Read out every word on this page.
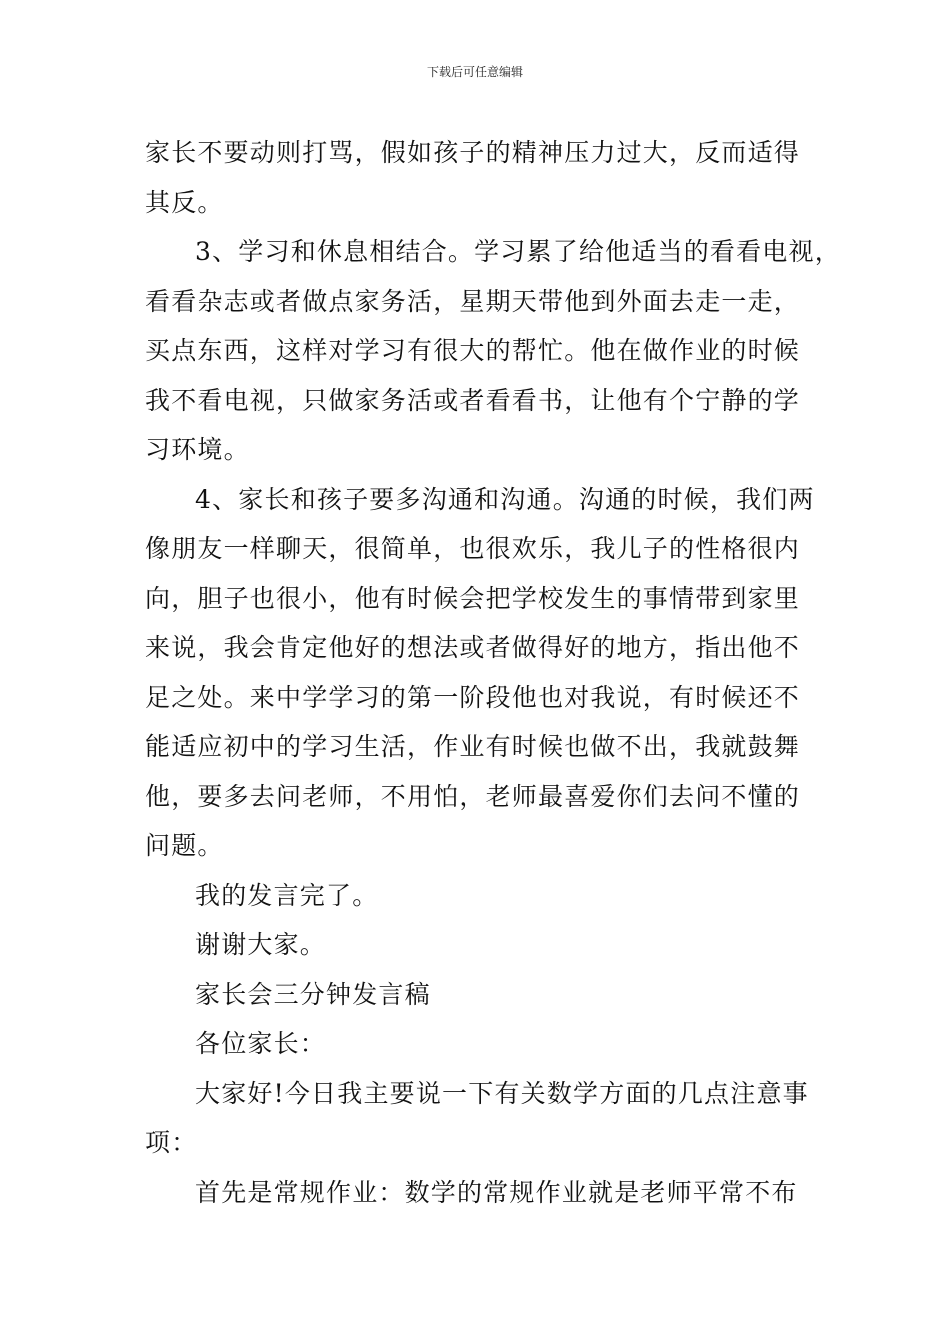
下载后可任意编辑
家长不要动则打骂，假如孩子的精神压力过大，反而适得
其反。
3、学习和休息相结合。学习累了给他适当的看看电视，
看看杂志或者做点家务活，星期天带他到外面去走一走，
买点东西，这样对学习有很大的帮忙。他在做作业的时候
我不看电视，只做家务活或者看看书，让他有个宁静的学
习环境。
4、家长和孩子要多沟通和沟通。沟通的时候，我们两
像朋友一样聊天，很简单，也很欢乐，我儿子的性格很内
向，胆子也很小，他有时候会把学校发生的事情带到家里
来说，我会肯定他好的想法或者做得好的地方，指出他不
足之处。来中学学习的第一阶段他也对我说，有时候还不
能适应初中的学习生活，作业有时候也做不出，我就鼓舞
他，要多去问老师，不用怕，老师最喜爱你们去问不懂的
问题。
我的发言完了。
谢谢大家。
家长会三分钟发言稿
各位家长：
大家好!今日我主要说一下有关数学方面的几点注意事
项：
首先是常规作业：数学的常规作业就是老师平常不布
